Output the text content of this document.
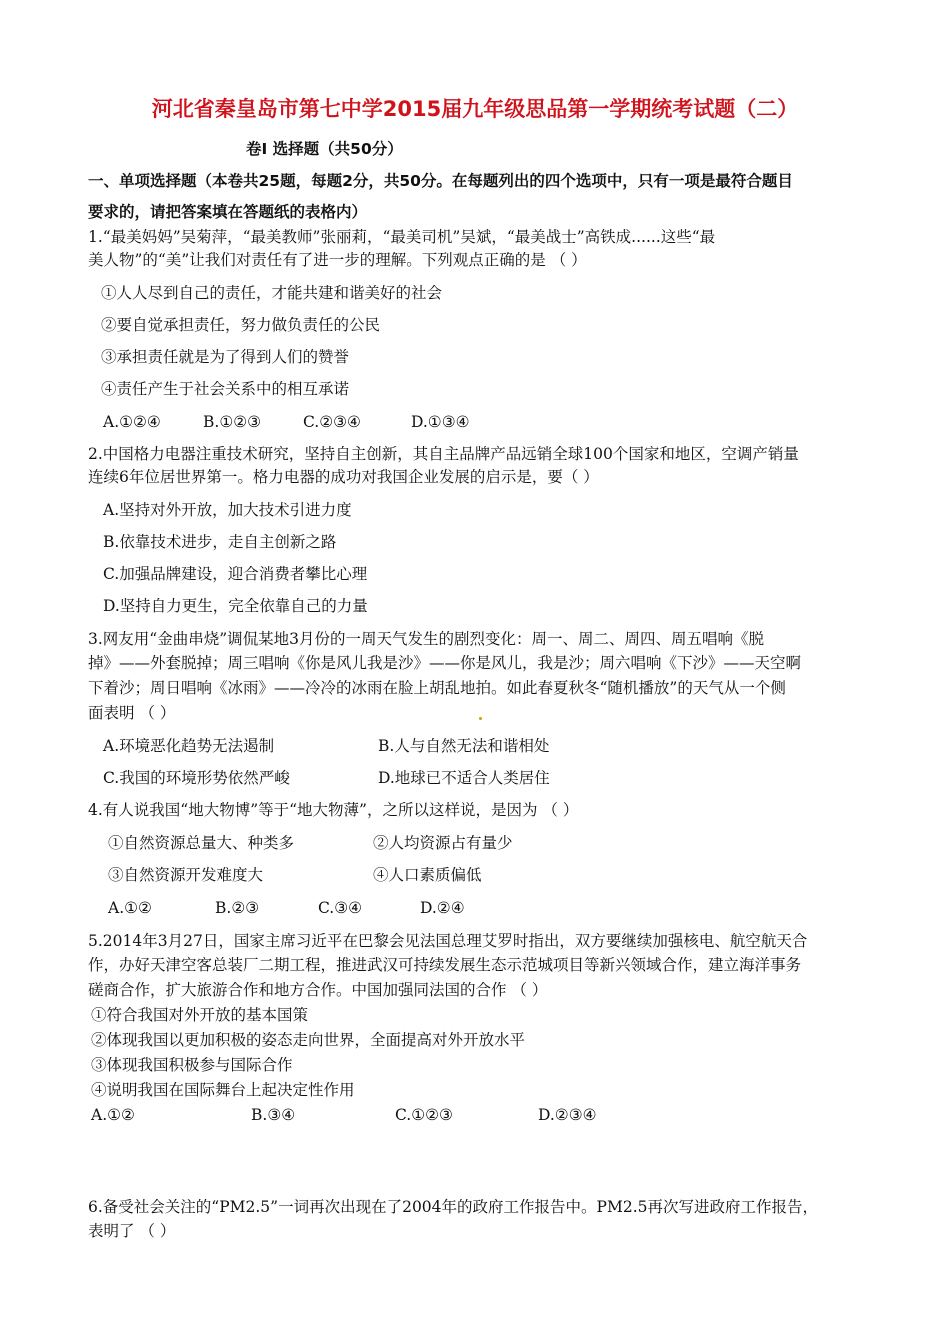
河北省秦皇岛市第七中学2015届九年级思品第一学期统考试题（二）
卷Ⅰ 选择题（共50分）
一、单项选择题（本卷共25题，每题2分，共50分。在每题列出的四个选项中，只有一项是最符合题目
要求的，请把答案填在答题纸的表格内）
1.“最美妈妈”吴菊萍，“最美教师”张丽莉，“最美司机”吴斌，“最美战士”高铁成......这些“最
美人物”的“美”让我们对责任有了进一步的理解。下列观点正确的是 （ ）
①人人尽到自己的责任，才能共建和谐美好的社会
②要自觉承担责任，努力做负责任的公民
③承担责任就是为了得到人们的赞誉
④责任产生于社会关系中的相互承诺
A.①②④	B.①②③	C.②③④	D.①③④
2.中国格力电器注重技术研究，坚持自主创新，其自主品牌产品远销全球100个国家和地区，空调产销量
连续6年位居世界第一。格力电器的成功对我国企业发展的启示是，要（ ）
A.坚持对外开放，加大技术引进力度
B.依靠技术进步，走自主创新之路
C.加强品牌建设，迎合消费者攀比心理
D.坚持自力更生，完全依靠自己的力量
3.网友用“金曲串烧”调侃某地3月份的一周天气发生的剧烈变化：周一、周二、周四、周五唱响《脱
掉》——外套脱掉；周三唱响《你是风儿我是沙》——你是风儿，我是沙；周六唱响《下沙》——天空啊
下着沙；周日唱响《冰雨》——冷冷的冰雨在脸上胡乱地拍。如此春夏秋冬“随机播放”的天气从一个侧
面表明 （ ）
A.环境恶化趋势无法遏制	B.人与自然无法和谐相处
C.我国的环境形势依然严峻	D.地球已不适合人类居住
4.有人说我国“地大物博”等于“地大物薄”，之所以这样说，是因为 （ ）
①自然资源总量大、种类多	②人均资源占有量少
③自然资源开发难度大	④人口素质偏低
A.①②	B.②③	C.③④	D.②④
5.2014年3月27日，国家主席习近平在巴黎会见法国总理艾罗时指出，双方要继续加强核电、航空航天合
作，办好天津空客总装厂二期工程，推进武汉可持续发展生态示范城项目等新兴领域合作，建立海洋事务
磋商合作，扩大旅游合作和地方合作。中国加强同法国的合作 （ ）
①符合我国对外开放的基本国策
②体现我国以更加积极的姿态走向世界，全面提高对外开放水平
③体现我国积极参与国际合作
④说明我国在国际舞台上起决定性作用
A.①②	B.③④	C.①②③	D.②③④
6.备受社会关注的“PM2.5”一词再次出现在了2004年的政府工作报告中。PM2.5再次写进政府工作报告，
表明了 （ ）
